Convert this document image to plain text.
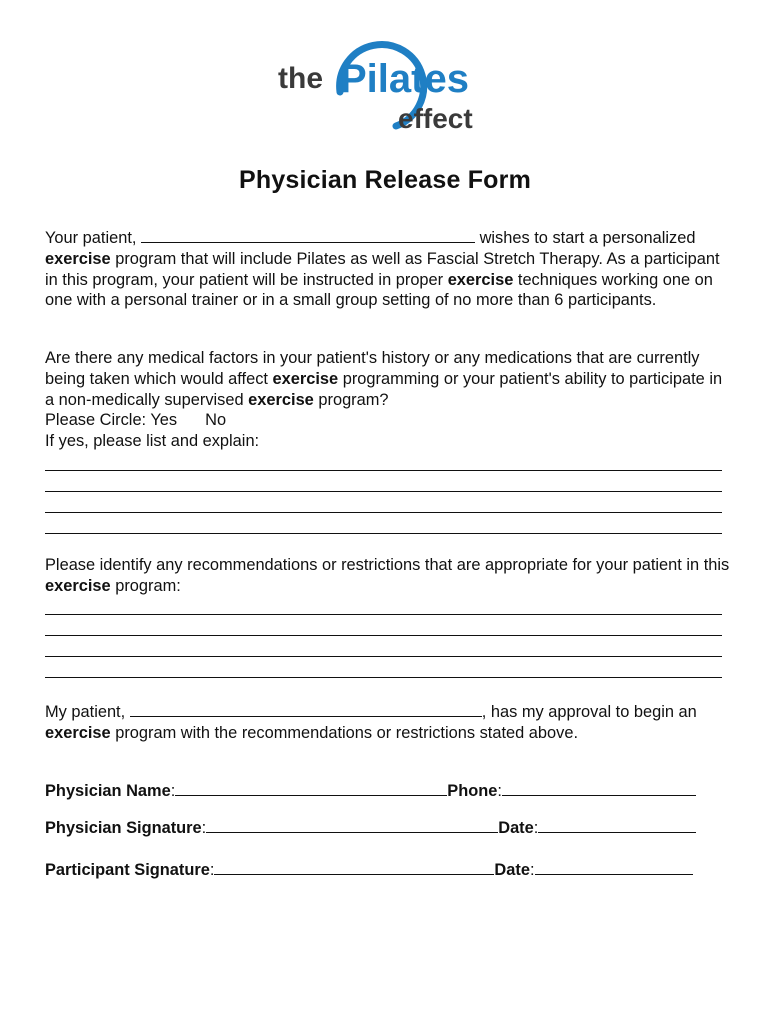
the Pilates
effect
Physician Release Form
Your patient,	wishes to start a personalized exercise program that will include Pilates as well as Fascial Stretch Therapy. As a participant in this program, your patient will be instructed in proper exercise techniques working one on one with a personal trainer or in a small group setting of no more than 6 participants.
Are there any medical factors in your patient's history or any medications that are currently being taken which would affect exercise programming or your patient's ability to participate in a non-medically supervised exercise program?
Please Circle: Yes No
If yes, please list and explain:
Please identify any recommendations or restrictions that are appropriate for your patient in this exercise program:
My patient,	, has my approval to begin an exercise program with the recommendations or restrictions stated above.
Physician Name:	Phone:
Physician Signature:	Date:
Participant Signature:	Date:
